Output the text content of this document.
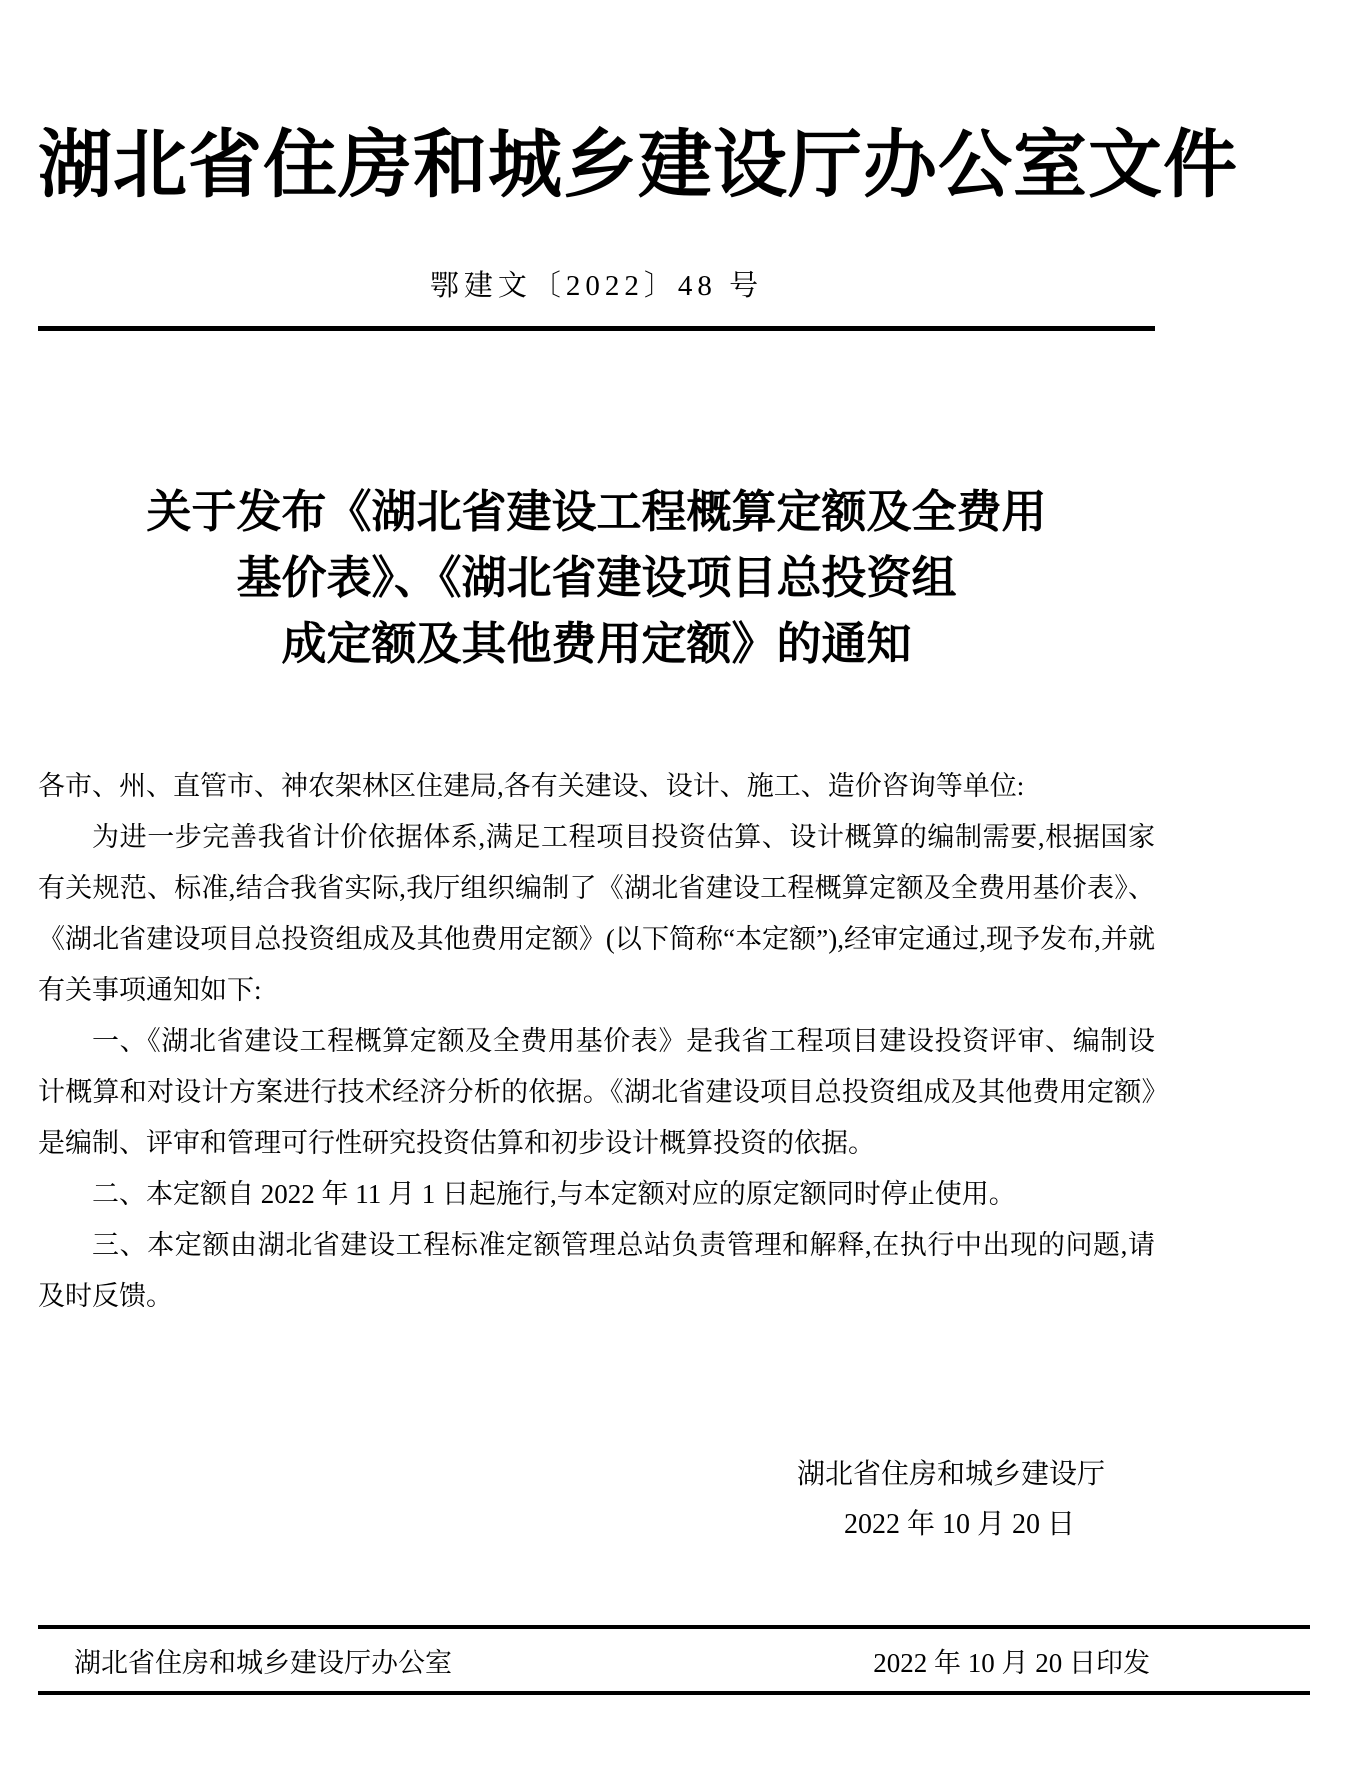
湖北省住房和城乡建设厅办公室文件
鄂建文〔2022〕48 号
关于发布《湖北省建设工程概算定额及全费用
基价表》、《湖北省建设项目总投资组
成定额及其他费用定额》的通知

各市、州、直管市、神农架林区住建局,各有关建设、设计、施工、造价咨询等单位:

为进一步完善我省计价依据体系,满足工程项目投资估算、设计概算的编制需要,根据国家有关规范、标准,结合我省实际,我厅组织编制了《湖北省建设工程概算定额及全费用基价表》、《湖北省建设项目总投资组成及其他费用定额》(以下简称“本定额”),经审定通过,现予发布,并就有关事项通知如下:

一、《湖北省建设工程概算定额及全费用基价表》是我省工程项目建设投资评审、编制设计概算和对设计方案进行技术经济分析的依据。《湖北省建设项目总投资组成及其他费用定额》是编制、评审和管理可行性研究投资估算和初步设计概算投资的依据。

二、本定额自 2022 年 11 月 1 日起施行,与本定额对应的原定额同时停止使用。

三、本定额由湖北省建设工程标准定额管理总站负责管理和解释,在执行中出现的问题,请及时反馈。

湖北省住房和城乡建设厅
2022 年 10 月 20 日
湖北省住房和城乡建设厅办公室	2022 年 10 月 20 日印发
